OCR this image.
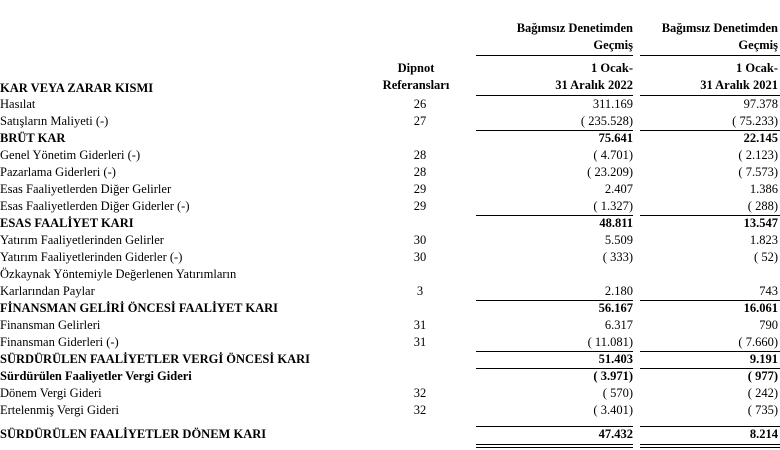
Bağımsız Denetimden
Geçmiş
Bağımsız Denetimden
Geçmiş
Dipnot
Referansları
1 Ocak-
31 Aralık 2022
1 Ocak-
31 Aralık 2021
KAR VEYA ZARAR KISMI
Hasılat	26	311.169	97.378
Satışların Maliyeti (-)	27	( 235.528)	( 75.233)
BRÜT KAR	75.641	22.145
Genel Yönetim Giderleri (-)	28	( 4.701)	( 2.123)
Pazarlama Giderleri (-)	28	( 23.209)	( 7.573)
Esas Faaliyetlerden Diğer Gelirler	29	2.407	1.386
Esas Faaliyetlerden Diğer Giderler (-)	29	( 1.327)	( 288)
ESAS FAALİYET KARI	48.811	13.547
Yatırım Faaliyetlerinden Gelirler	30	5.509	1.823
Yatırım Faaliyetlerinden Giderler (-)	30	( 333)	( 52)
Özkaynak Yöntemiyle Değerlenen Yatırımların
Karlarından Paylar	3	2.180	743
FİNANSMAN GELİRİ ÖNCESİ FAALİYET KARI	56.167	16.061
Finansman Gelirleri	31	6.317	790
Finansman Giderleri (-)	31	( 11.081)	( 7.660)
SÜRDÜRÜLEN FAALİYETLER VERGİ ÖNCESİ KARI	51.403	9.191
Sürdürülen Faaliyetler Vergi Gideri	( 3.971)	( 977)
Dönem Vergi Gideri	32	( 570)	( 242)
Ertelenmiş Vergi Gideri	32	( 3.401)	( 735)
SÜRDÜRÜLEN FAALİYETLER DÖNEM KARI	47.432	8.214
